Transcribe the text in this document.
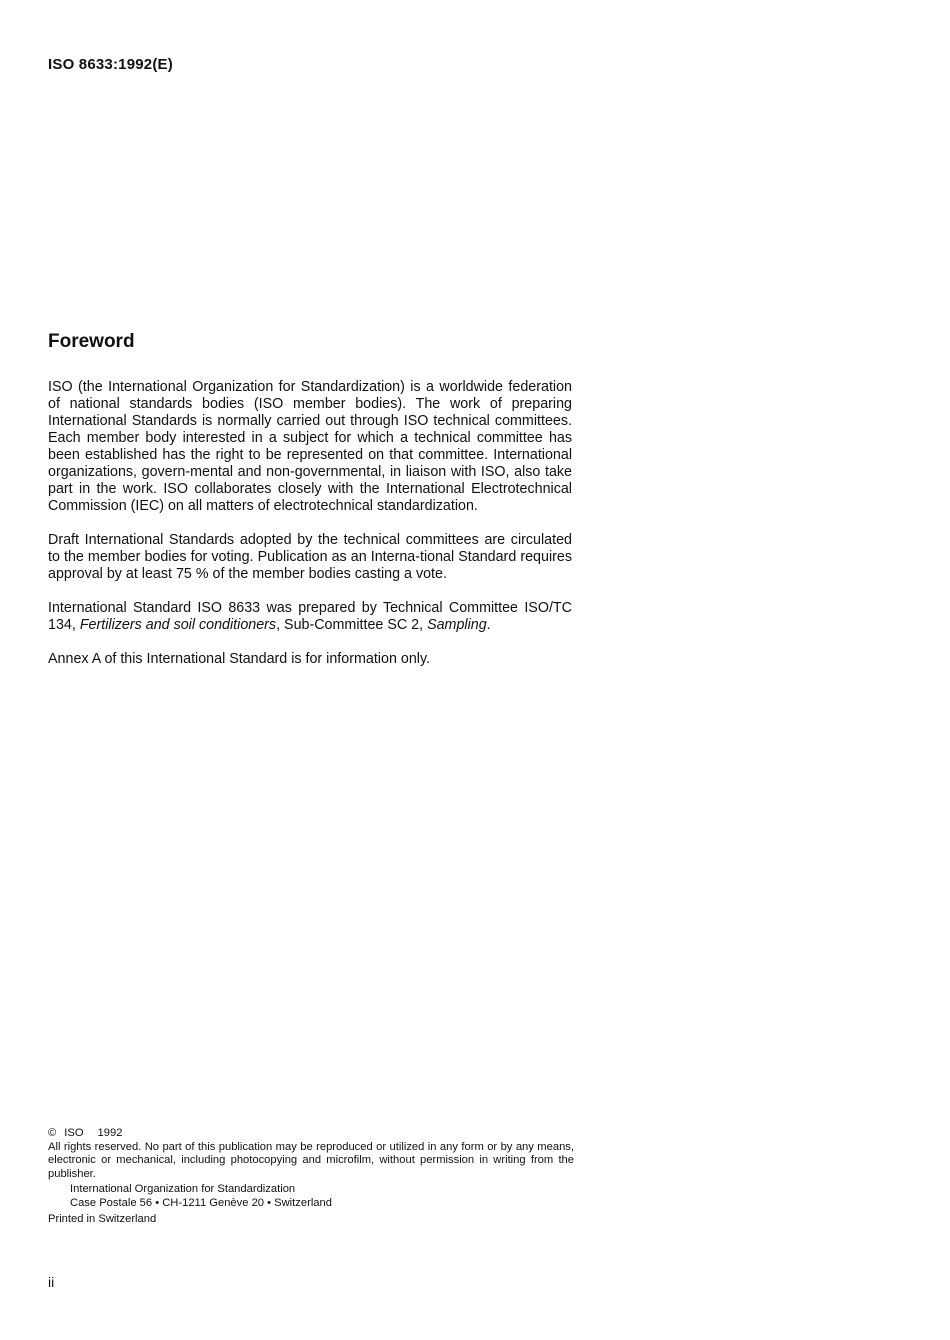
ISO 8633:1992(E)
Foreword

ISO (the International Organization for Standardization) is a worldwide federation of national standards bodies (ISO member bodies). The work of preparing International Standards is normally carried out through ISO technical committees. Each member body interested in a subject for which a technical committee has been established has the right to be represented on that committee. International organizations, govern-mental and non-governmental, in liaison with ISO, also take part in the work. ISO collaborates closely with the International Electrotechnical Commission (IEC) on all matters of electrotechnical standardization.

Draft International Standards adopted by the technical committees are circulated to the member bodies for voting. Publication as an Interna-tional Standard requires approval by at least 75 % of the member bodies casting a vote.

International Standard ISO 8633 was prepared by Technical Committee ISO/TC 134, Fertilizers and soil conditioners, Sub-Committee SC 2, Sampling.

Annex A of this International Standard is for information only.

© ISO 1992
All rights reserved. No part of this publication may be reproduced or utilized in any form or by any means, electronic or mechanical, including photocopying and microfilm, without permission in writing from the publisher.
International Organization for Standardization
Case Postale 56 • CH-1211 Genève 20 • Switzerland
Printed in Switzerland
ii
